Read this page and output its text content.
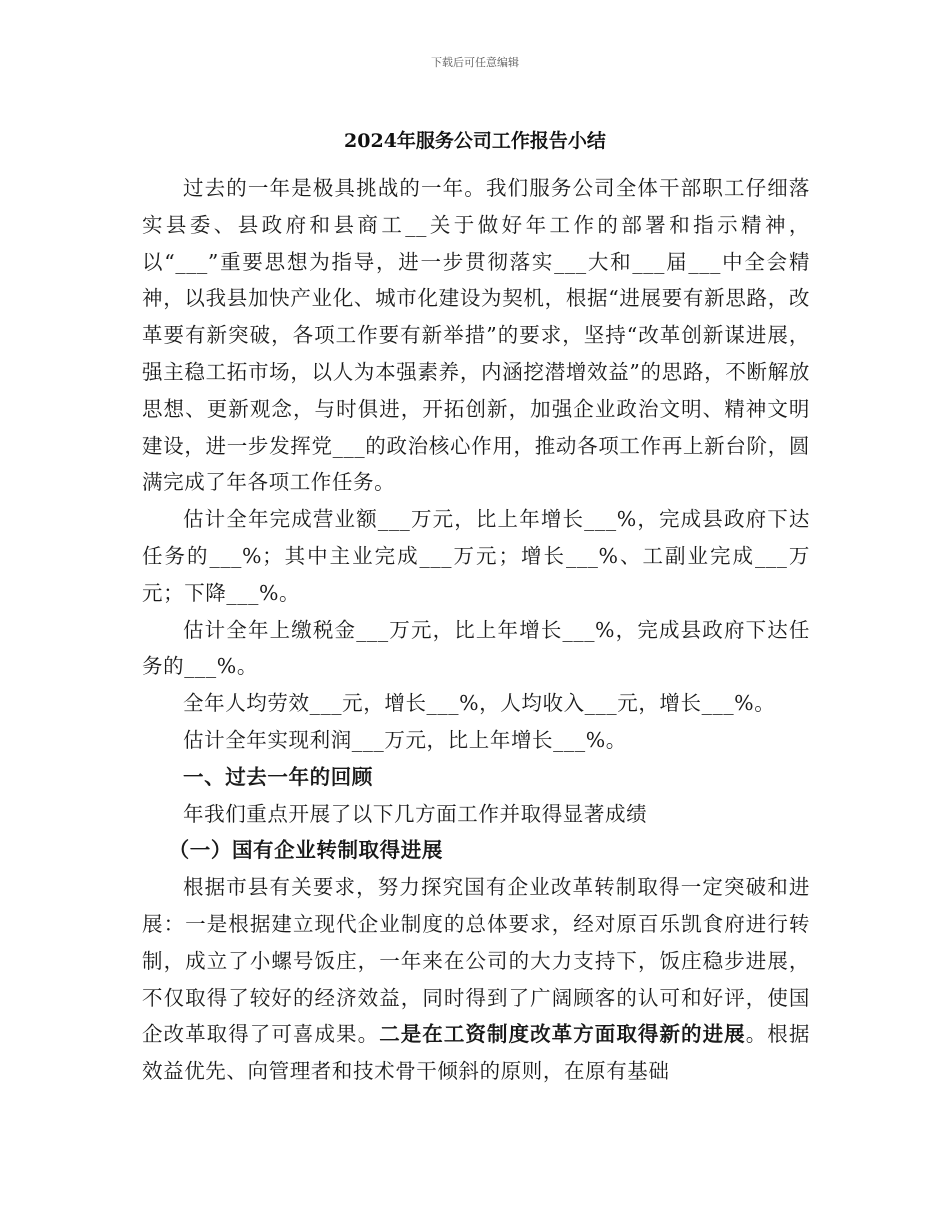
下载后可任意编辑
2024年服务公司工作报告小结

过去的一年是极具挑战的一年。我们服务公司全体干部职工仔细落实县委、县政府和县商工__关于做好年工作的部署和指示精神，以“___”重要思想为指导，进一步贯彻落实___大和___届___中全会精神，以我县加快产业化、城市化建设为契机，根据“进展要有新思路，改革要有新突破，各项工作要有新举措”的要求，坚持“改革创新谋进展，强主稳工拓市场，以人为本强素养，内涵挖潜增效益”的思路，不断解放思想、更新观念，与时俱进，开拓创新，加强企业政治文明、精神文明建设，进一步发挥党___的政治核心作用，推动各项工作再上新台阶，圆满完成了年各项工作任务。

估计全年完成营业额___万元，比上年增长___%，完成县政府下达任务的___%；其中主业完成___万元；增长___%、工副业完成___万元；下降___%。

估计全年上缴税金___万元，比上年增长___%，完成县政府下达任务的___%。

全年人均劳效___元，增长___%，人均收入___元，增长___%。

估计全年实现利润___万元，比上年增长___%。

一、过去一年的回顾

年我们重点开展了以下几方面工作并取得显著成绩

（一）国有企业转制取得进展

根据市县有关要求，努力探究国有企业改革转制取得一定突破和进展：一是根据建立现代企业制度的总体要求，经对原百乐凯食府进行转制，成立了小螺号饭庄，一年来在公司的大力支持下，饭庄稳步进展，不仅取得了较好的经济效益，同时得到了广阔顾客的认可和好评，使国企改革取得了可喜成果。二是在工资制度改革方面取得新的进展。根据效益优先、向管理者和技术骨干倾斜的原则，在原有基础
